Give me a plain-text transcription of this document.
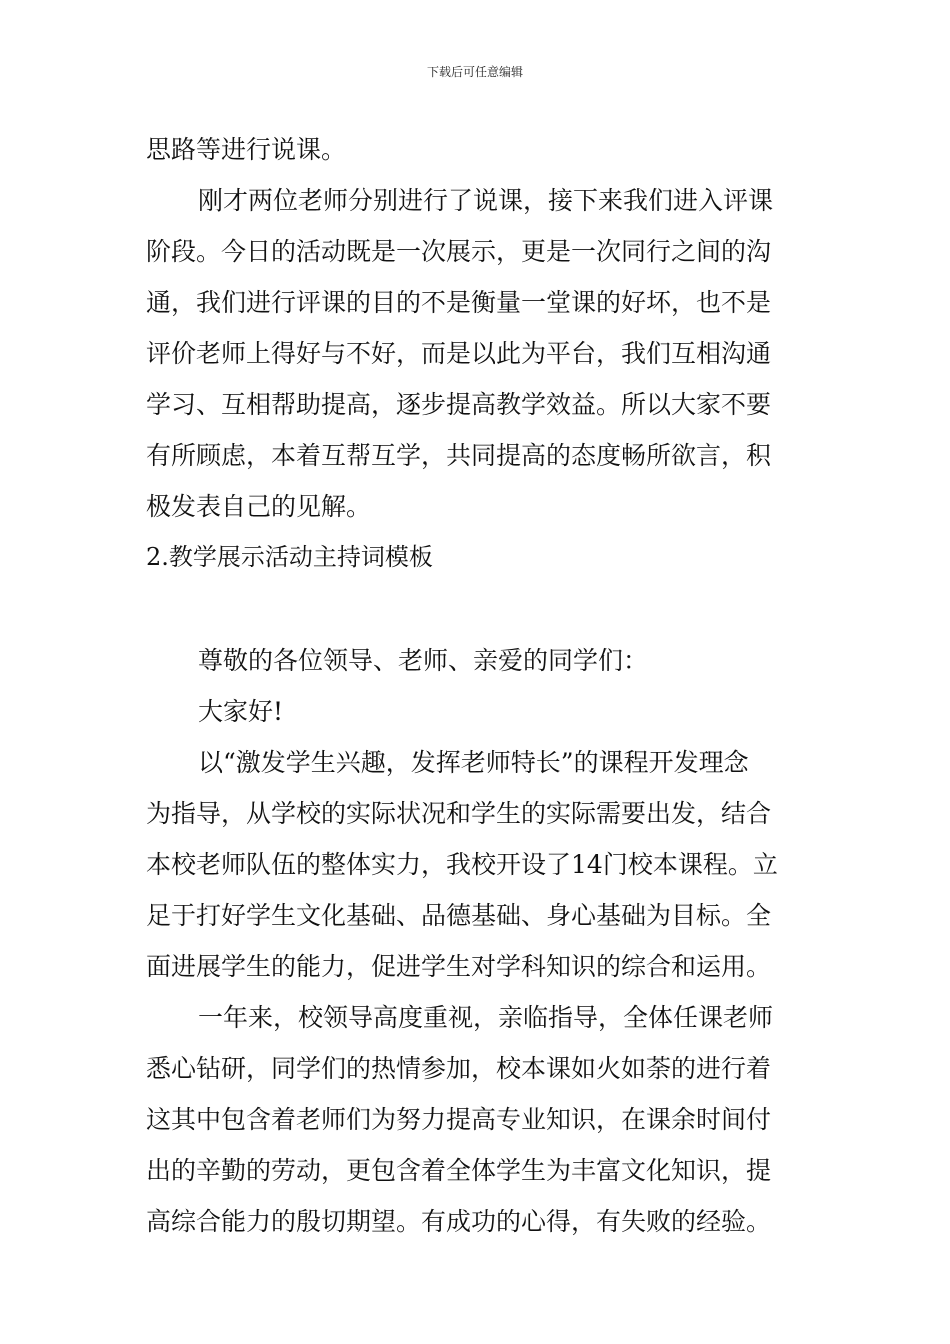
下载后可任意编辑
思路等进行说课。
刚才两位老师分别进行了说课，接下来我们进入评课
阶段。今日的活动既是一次展示，更是一次同行之间的沟
通，我们进行评课的目的不是衡量一堂课的好坏，也不是
评价老师上得好与不好，而是以此为平台，我们互相沟通
学习、互相帮助提高，逐步提高教学效益。所以大家不要
有所顾虑，本着互帮互学，共同提高的态度畅所欲言，积
极发表自己的见解。
2.教学展示活动主持词模板
尊敬的各位领导、老师、亲爱的同学们：
大家好!
以“激发学生兴趣，发挥老师特长”的课程开发理念
为指导，从学校的实际状况和学生的实际需要出发，结合
本校老师队伍的整体实力，我校开设了14门校本课程。立
足于打好学生文化基础、品德基础、身心基础为目标。全
面进展学生的能力，促进学生对学科知识的综合和运用。
一年来，校领导高度重视，亲临指导，全体任课老师
悉心钻研，同学们的热情参加，校本课如火如荼的进行着
这其中包含着老师们为努力提高专业知识，在课余时间付
出的辛勤的劳动，更包含着全体学生为丰富文化知识，提
高综合能力的殷切期望。有成功的心得，有失败的经验。
